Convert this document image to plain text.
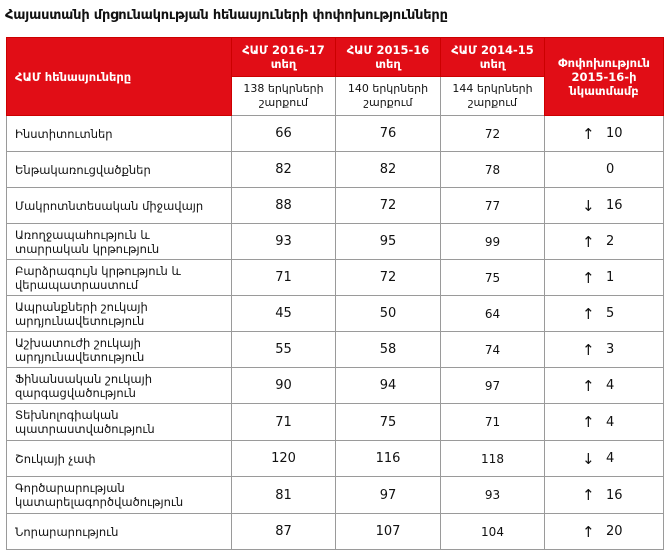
Հայաստանի մրցունակության հենասյուների փոփոխությունները
ՀԱՄ հենասյուները	ՀԱՄ 2016-17 տեղ	ՀԱՄ 2015-16 տեղ	ՀԱՄ 2014-15 տեղ	Փոփոխություն 2015-16-ի նկատմամբ
	138 երկրների շարքում	140 երկրների շարքում	144 երկրների շարքում	
Ինստիտուտներ	66	76	72	↑ 10

Ենթակառուցվածքներ	82	82	78	0

Մակրոտնտեսական միջավայր	88	72	77	↓ 16

Առողջապահություն և տարրական կրթություն	93	95	99	↑ 2

Բարձրագույն կրթություն և վերապատրաստում	71	72	75	↑ 1

Ապրանքների շուկայի արդյունավետություն	45	50	64	↑ 5

Աշխատուժի շուկայի արդյունավետություն	55	58	74	↑ 3

Ֆինանսական շուկայի զարգացվածություն	90	94	97	↑ 4

Տեխնոլոգիական պատրաստվածություն	71	75	71	↑ 4

Շուկայի չափ	120	116	118	↓ 4

Գործարարության կատարելագործվածություն	81	97	93	↑ 16

Նորարարություն	87	107	104	↑ 20
